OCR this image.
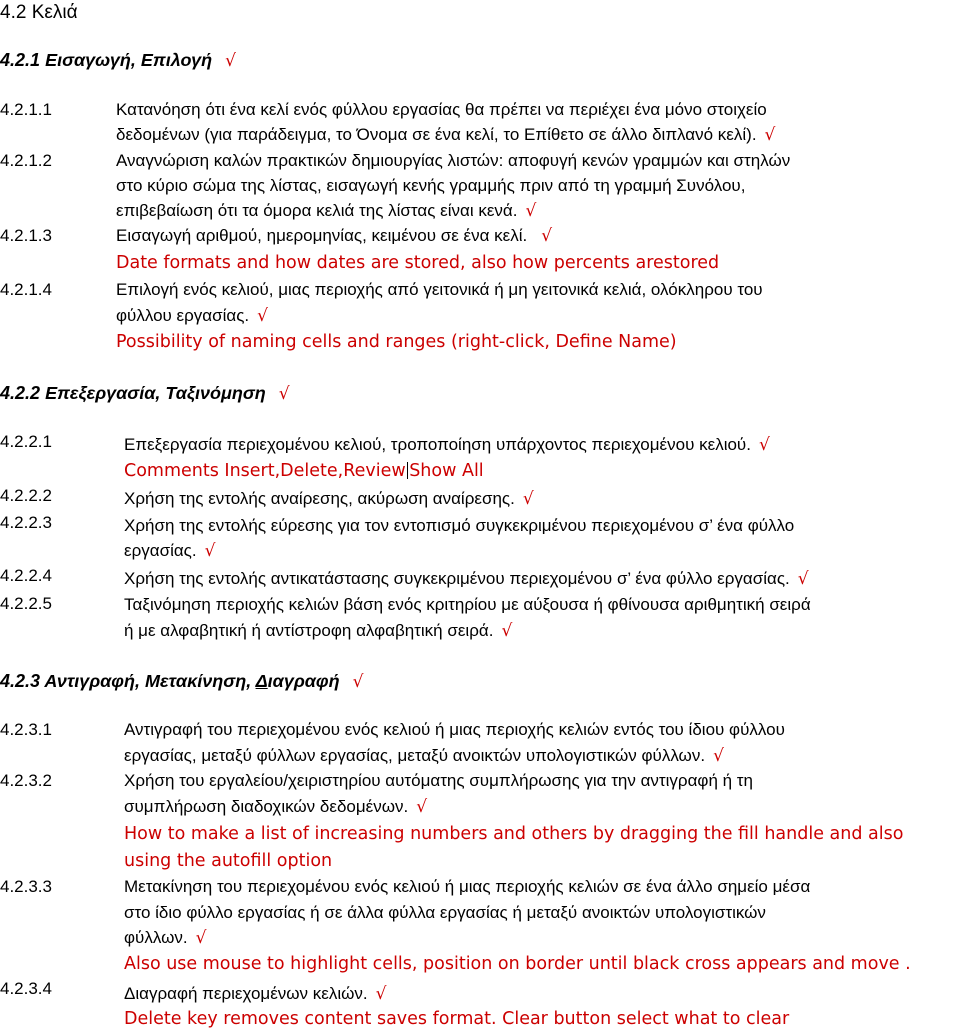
4.2 Κελιά
4.2.1 Εισαγωγή, Επιλογή √
4.2.1.1	Κατανόηση ότι ένα κελί ενός φύλλου εργασίας θα πρέπει να περιέχει ένα μόνο στοιχείο
δεδομένων (για παράδειγμα, το Όνομα σε ένα κελί, το Επίθετο σε άλλο διπλανό κελί). √
4.2.1.2	Αναγνώριση καλών πρακτικών δημιουργίας λιστών: αποφυγή κενών γραμμών και στηλών
στο κύριο σώμα της λίστας, εισαγωγή κενής γραμμής πριν από τη γραμμή Συνόλου,
επιβεβαίωση ότι τα όμορα κελιά της λίστας είναι κενά. √
4.2.1.3	Εισαγωγή αριθμού, ημερομηνίας, κειμένου σε ένα κελί. √
Date formats and how dates are stored, also how percents arestored
4.2.1.4	Επιλογή ενός κελιού, μιας περιοχής από γειτονικά ή μη γειτονικά κελιά, ολόκληρου του
φύλλου εργασίας. √
Possibility of naming cells and ranges (right-click, Define Name)
4.2.2 Επεξεργασία, Ταξινόμηση √
4.2.2.1	Επεξεργασία περιεχομένου κελιού, τροποποίηση υπάρχοντος περιεχομένου κελιού. √
Comments Insert,Delete,Review Show All
4.2.2.2	Χρήση της εντολής αναίρεσης, ακύρωση αναίρεσης. √
4.2.2.3	Χρήση της εντολής εύρεσης για τον εντοπισμό συγκεκριμένου περιεχομένου σ’ ένα φύλλο
εργασίας. √
4.2.2.4	Χρήση της εντολής αντικατάστασης συγκεκριμένου περιεχομένου σ’ ένα φύλλο εργασίας. √
4.2.2.5	Ταξινόμηση περιοχής κελιών βάση ενός κριτηρίου με αύξουσα ή φθίνουσα αριθμητική σειρά
ή με αλφαβητική ή αντίστροφη αλφαβητική σειρά. √
4.2.3 Αντιγραφή, Μετακίνηση, Διαγραφή √
4.2.3.1	Αντιγραφή του περιεχομένου ενός κελιού ή μιας περιοχής κελιών εντός του ίδιου φύλλου
εργασίας, μεταξύ φύλλων εργασίας, μεταξύ ανοικτών υπολογιστικών φύλλων. √
4.2.3.2	Χρήση του εργαλείου/χειριστηρίου αυτόματης συμπλήρωσης για την αντιγραφή ή τη
συμπλήρωση διαδοχικών δεδομένων. √
How to make a list of increasing numbers and others by dragging the fill handle and also
using the autofill option
4.2.3.3	Μετακίνηση του περιεχομένου ενός κελιού ή μιας περιοχής κελιών σε ένα άλλο σημείο μέσα
στο ίδιο φύλλο εργασίας ή σε άλλα φύλλα εργασίας ή μεταξύ ανοικτών υπολογιστικών
φύλλων. √
Also use mouse to highlight cells, position on border until black cross appears and move .
4.2.3.4	Διαγραφή περιεχομένων κελιών. √
Delete key removes content saves format. Clear button select what to clear
